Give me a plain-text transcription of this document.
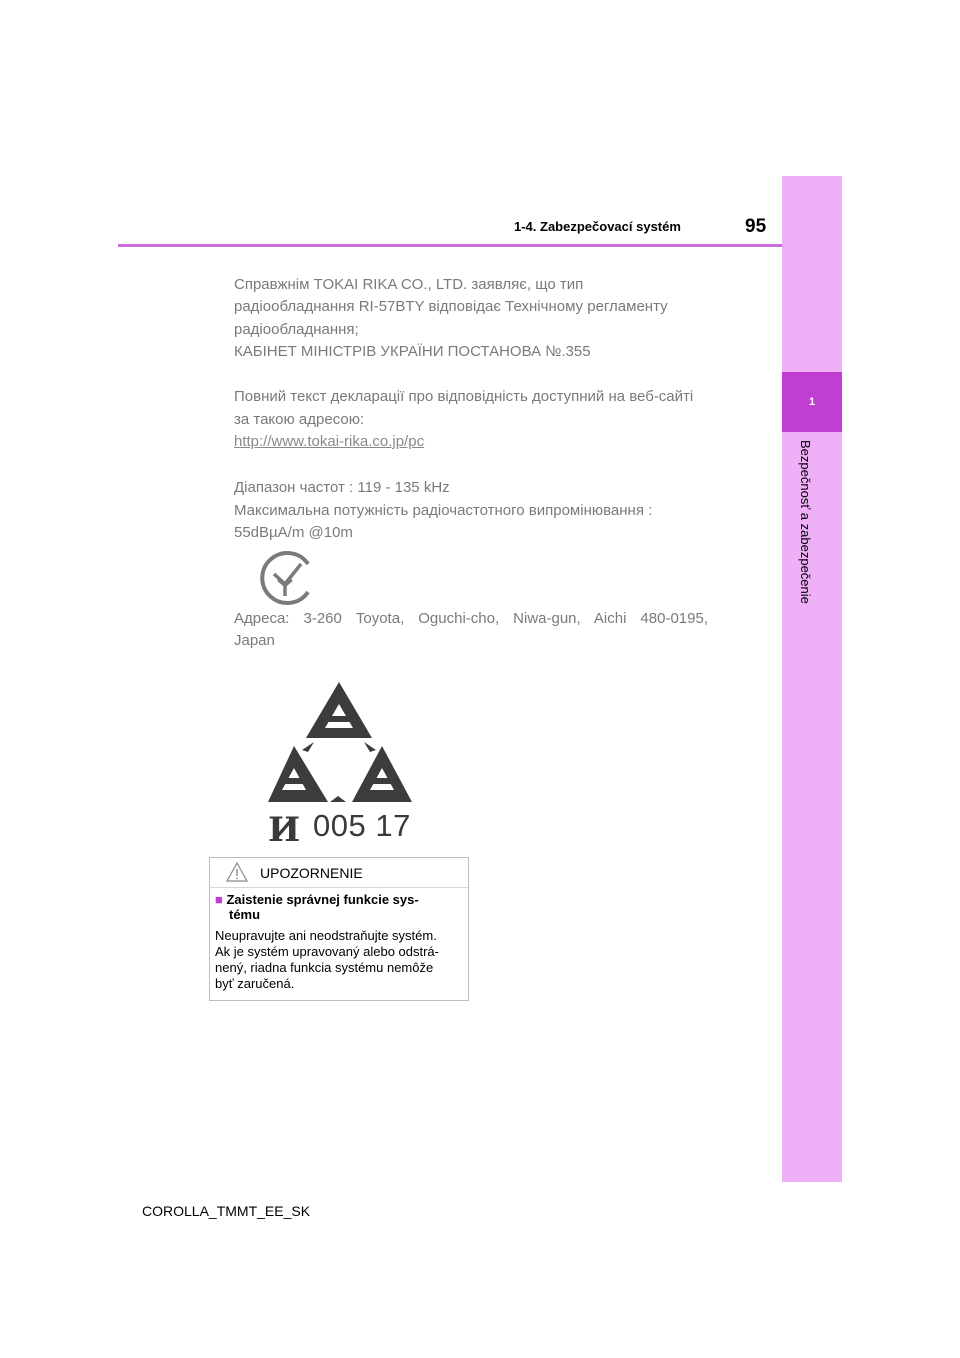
1
Bezpečnosť a zabezpečenie
1-4. Zabezpečovací systém	95
Справжнім TOKAI RIKA CO., LTD. заявляє, що тип
радіообладнання RI-57BTY відповідає Технічному регламенту
радіообладнання;
КАБІНЕТ МІНІСТРІВ УКРАЇНИ ПОСТАНОВА №.355
Повний текст декларації про відповідність доступний на веб-сайті
за такою адресою:
http://www.tokai-rika.co.jp/pc
Діапазон частот : 119 - 135 kHz
Максимальна потужність радіочастотного випромінювання :
55dBµA/m @10m
Адреса: 3-260 Toyota, Oguchi-cho, Niwa-gun, Aichi 480-0195,
Japan
И 005 17
UPOZORNENIE
■ Zaistenie správnej funkcie sys-
tému
Neupravujte ani neodstraňujte systém.
Ak je systém upravovaný alebo odstrá-
nený, riadna funkcia systému nemôže
byť zaručená.
COROLLA_TMMT_EE_SK
